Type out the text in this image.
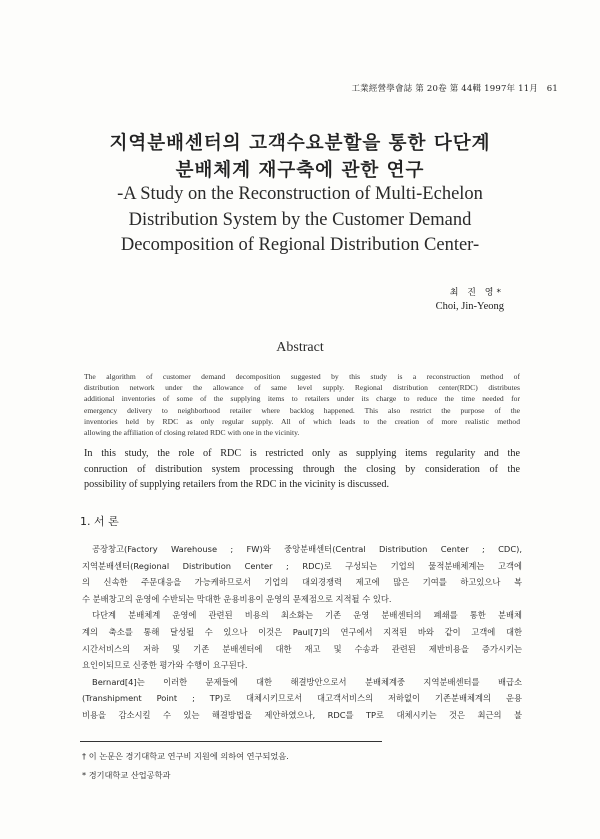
工業經營學會誌 第 20卷 第 44輯 1997年 11月　61
지역분배센터의 고객수요분할을 통한 다단계
분배체계 재구축에 관한 연구
-A Study on the Reconstruction of Multi-Echelon
Distribution System by the Customer Demand
Decomposition of Regional Distribution Center-
최 진 영*
Choi, Jin-Yeong
Abstract
The algorithm of customer demand decomposition suggested by this study is a reconstruction method of
distribution network under the allowance of same level supply. Regional distribution center(RDC) distributes
additional inventories of some of the supplying items to retailers under its charge to reduce the time needed for
emergency delivery to neighborhood retailer where backlog happened. This also restrict the purpose of the
inventories held by RDC as only regular supply. All of which leads to the creation of more realistic method
allowing the affiliation of closing related RDC with one in the vicinity.
In this study, the role of RDC is restricted only as supplying items regularity and the
conruction of distribution system processing through the closing by consideration of the
possibility of supplying retailers from the RDC in the vicinity is discussed.
1. 서 론
공장창고(Factory Warehouse ; FW)와 중앙분배센터(Central Distribution Center ; CDC),
지역분배센터(Regional Distribution Center ; RDC)로 구성되는 기업의 물적분배체계는 고객에
의 신속한 주문대응을 가능케하므로서 기업의 대외경쟁력 제고에 많은 기여를 하고있으나 복
수 분배창고의 운영에 수반되는 막대한 운용비용이 운영의 문제점으로 지적될 수 있다.
다단계 분배체계 운영에 관련된 비용의 최소화는 기존 운영 분배센터의 폐쇄를 통한 분배체
계의 축소를 통해 달성될 수 있으나 이것은 Paul[7]의 연구에서 지적된 바와 같이 고객에 대한
시간서비스의 저하 및 기존 분배센터에 대한 재고 및 수송과 관련된 제반비용을 증가시키는
요인이되므로 신중한 평가와 수행이 요구된다.
Bernard[4]는 이러한 문제들에 대한 해결방안으로서 분배체계중 지역분배센터를 배급소
(Transhipment Point ; TP)로 대체시키므로서 대고객서비스의 저하없이 기존분배체계의 운용
비용을 감소시킬 수 있는 해결방법을 제안하였으나, RDC를 TP로 대체시키는 것은 최근의 불
† 이 논문은 경기대학교 연구비 지원에 의하여 연구되었음.
* 경기대학교 산업공학과
